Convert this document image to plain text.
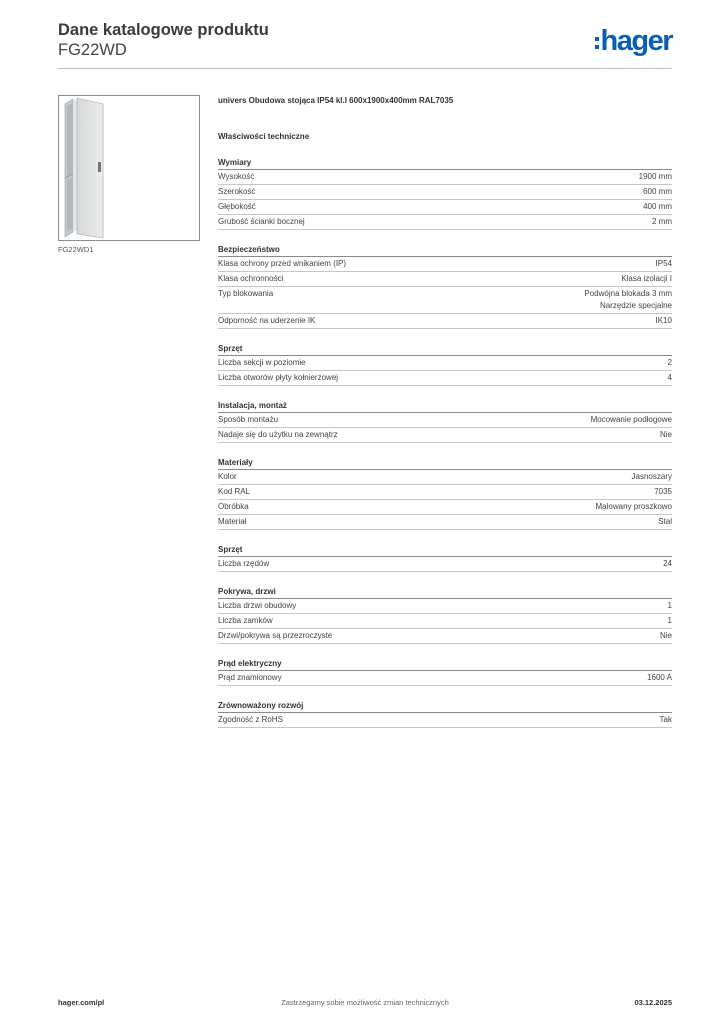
Dane katalogowe produktu
FG22WD	hager
FG22WD1
univers Obudowa stojąca IP54 kl.I 600x1900x400mm RAL7035
Właściwości techniczne
Wymiary
Wysokość	1900 mm
Szerokość	600 mm
Głębokość	400 mm
Grubość ścianki bocznej	2 mm
Bezpieczeństwo
Klasa ochrony przed wnikaniem (IP)	IP54
Klasa ochronności	Klasa izolacji I
Typ blokowania	Podwójna blokada 3 mm
Narzędzie specjalne
Odporność na uderzenie IK	IK10
Sprzęt
Liczba sekcji w poziomie	2
Liczba otworów płyty kołnierzowej	4
Instalacja, montaż
Sposób montażu	Mocowanie podłogowe
Nadaje się do użytku na zewnątrz	Nie
Materiały
Kolor	Jasnoszary
Kod RAL	7035
Obróbka	Malowany proszkowo
Materiał	Stal
Sprzęt
Liczba rzędów	24
Pokrywa, drzwi
Liczba drzwi obudowy	1
Liczba zamków	1
Drzwi/pokrywa są przezroczyste	Nie
Prąd elektryczny
Prąd znamionowy	1600 A
Zrównoważony rozwój
Zgodność z RoHS	Tak
hager.com/pl	Zastrzegamy sobie możliwość zmian technicznych	03.12.2025
